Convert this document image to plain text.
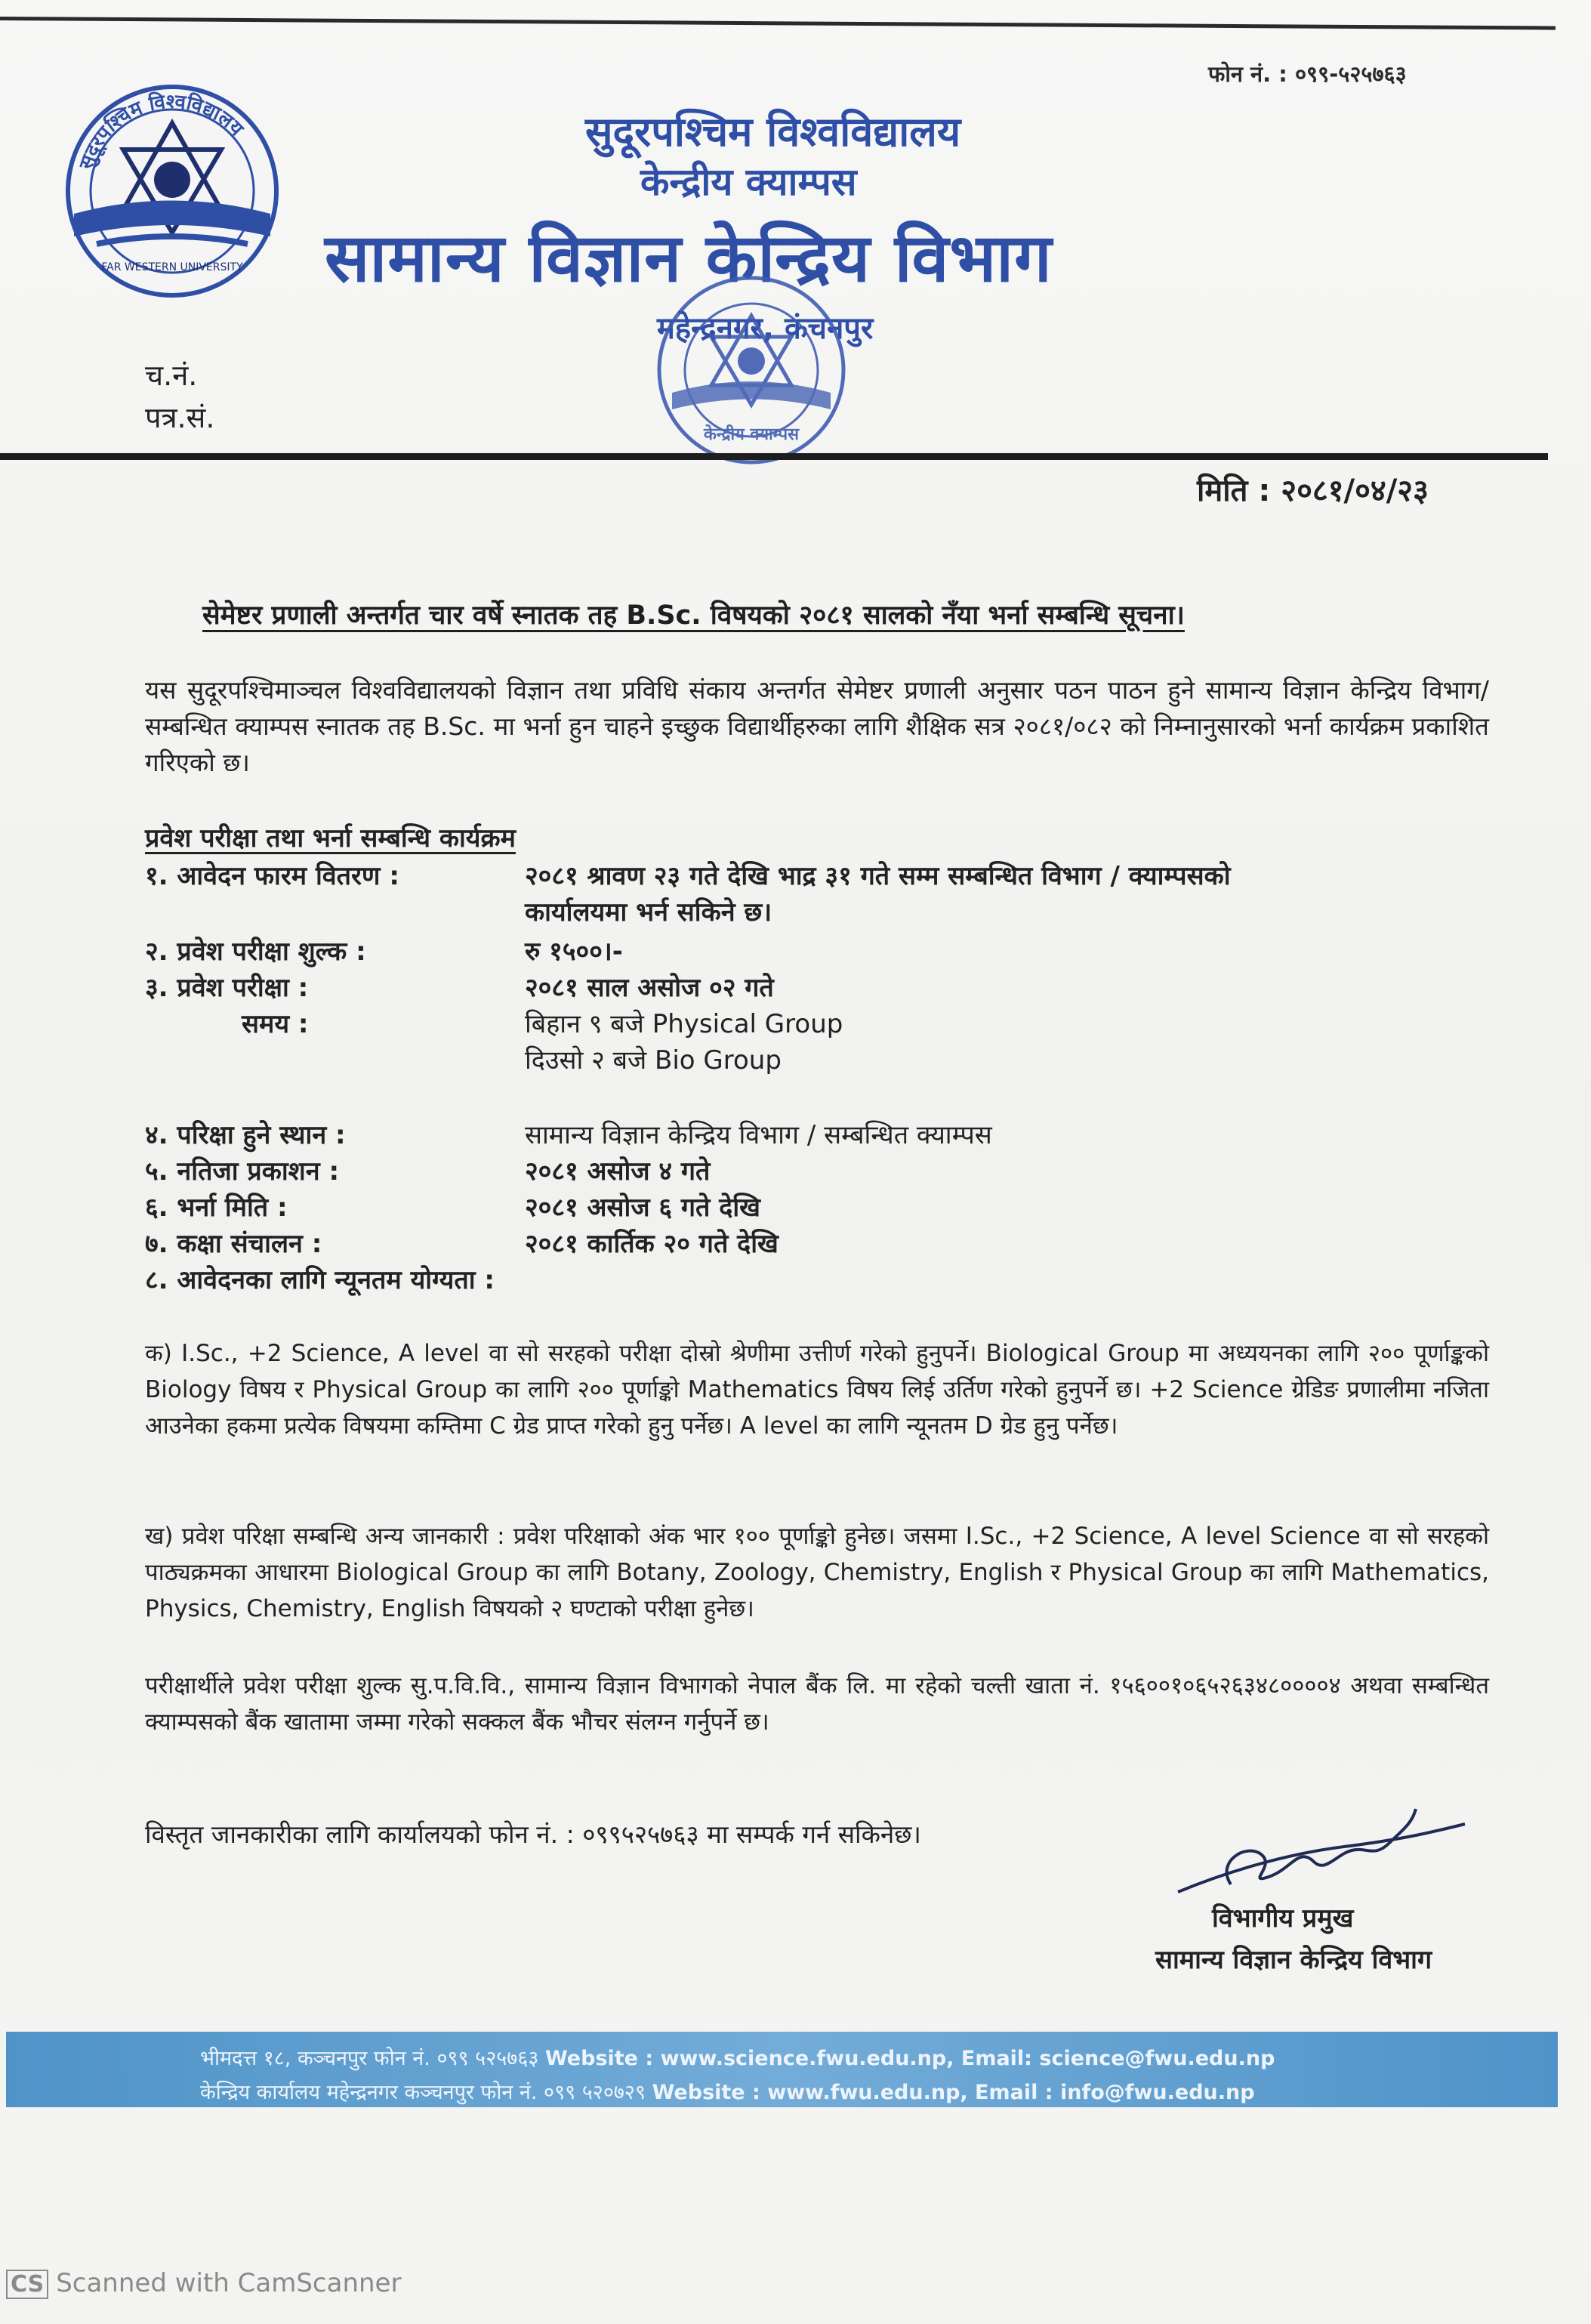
फोन नं. : ०९९-५२५७६३
सुदूरपश्चिम विश्वविद्यालय
FAR WESTERN UNIVERSITY
सुदूरपश्चिम विश्वविद्यालय
केन्द्रीय क्याम्पस
सामान्य विज्ञान केन्द्रिय विभाग
महेन्द्रनगर, कंचनपुर
केन्द्रीय क्याम्पस
च.नं.
पत्र.सं.
मिति : २०८१/०४/२३
सेमेष्टर प्रणाली अन्तर्गत चार वर्षे स्नातक तह B.Sc. विषयको २०८१ सालको नँया भर्ना सम्बन्धि सूचना।
यस सुदूरपश्चिमाञ्चल विश्वविद्यालयको विज्ञान तथा प्रविधि संकाय अन्तर्गत सेमेष्टर प्रणाली अनुसार पठन पाठन हुने सामान्य विज्ञान केन्द्रिय विभाग/ सम्बन्धित क्याम्पस स्नातक तह B.Sc. मा भर्ना हुन चाहने इच्छुक विद्यार्थीहरुका लागि शैक्षिक सत्र २०८१/०८२ को निम्नानुसारको भर्ना कार्यक्रम प्रकाशित गरिएको छ।
प्रवेश परीक्षा तथा भर्ना सम्बन्धि कार्यक्रम
१. आवेदन फारम वितरण :	२०८१ श्रावण २३ गते देखि भाद्र ३१ गते सम्म सम्बन्धित विभाग / क्याम्पसको
कार्यालयमा भर्न सकिने छ।
२. प्रवेश परीक्षा शुल्क :	रु १५००।-
३. प्रवेश परीक्षा :	२०८१ साल असोज ०२ गते
समय :	बिहान ९ बजे Physical Group
दिउसो २ बजे Bio Group
४. परिक्षा हुने स्थान :	सामान्य विज्ञान केन्द्रिय विभाग / सम्बन्धित क्याम्पस
५. नतिजा प्रकाशन :	२०८१ असोज ४ गते
६. भर्ना मिति :	२०८१ असोज ६ गते देखि
७. कक्षा संचालन :	२०८१ कार्तिक २० गते देखि
८. आवेदनका लागि न्यूनतम योग्यता :
क) I.Sc., +2 Science, A level वा सो सरहको परीक्षा दोस्रो श्रेणीमा उत्तीर्ण गरेको हुनुपर्ने। Biological Group मा अध्ययनका लागि २०० पूर्णाङ्कको Biology विषय र Physical Group का लागि २०० पूर्णाङ्को Mathematics विषय लिई उर्तिण गरेको हुनुपर्ने छ। +2 Science ग्रेडिङ प्रणालीमा नजिता आउनेका हकमा प्रत्येक विषयमा कम्तिमा C ग्रेड प्राप्त गरेको हुनु पर्नेछ। A level का लागि न्यूनतम D ग्रेड हुनु पर्नेछ।
ख) प्रवेश परिक्षा सम्बन्धि अन्य जानकारी : प्रवेश परिक्षाको अंक भार १०० पूर्णाङ्को हुनेछ। जसमा I.Sc., +2 Science, A level Science वा सो सरहको पाठ्यक्रमका आधारमा Biological Group का लागि Botany, Zoology, Chemistry, English र Physical Group का लागि Mathematics, Physics, Chemistry, English विषयको २ घण्टाको परीक्षा हुनेछ।
परीक्षार्थीले प्रवेश परीक्षा शुल्क सु.प.वि.वि., सामान्य विज्ञान विभागको नेपाल बैंक लि. मा रहेको चल्ती खाता नं. १५६००१०६५२६३४८००००४ अथवा सम्बन्धित क्याम्पसको बैंक खातामा जम्मा गरेको सक्कल बैंक भौचर संलग्न गर्नुपर्ने छ।
विस्तृत जानकारीका लागि कार्यालयको फोन नं. : ०९९५२५७६३ मा सम्पर्क गर्न सकिनेछ।
विभागीय प्रमुख
सामान्य विज्ञान केन्द्रिय विभाग
भीमदत्त १८, कञ्चनपुर फोन नं. ०९९ ५२५७६३ Website : www.science.fwu.edu.np, Email: science@fwu.edu.np
केन्द्रिय कार्यालय महेन्द्रनगर कञ्चनपुर फोन नं. ०९९ ५२०७२९ Website : www.fwu.edu.np, Email : info@fwu.edu.np
CS Scanned with CamScanner
